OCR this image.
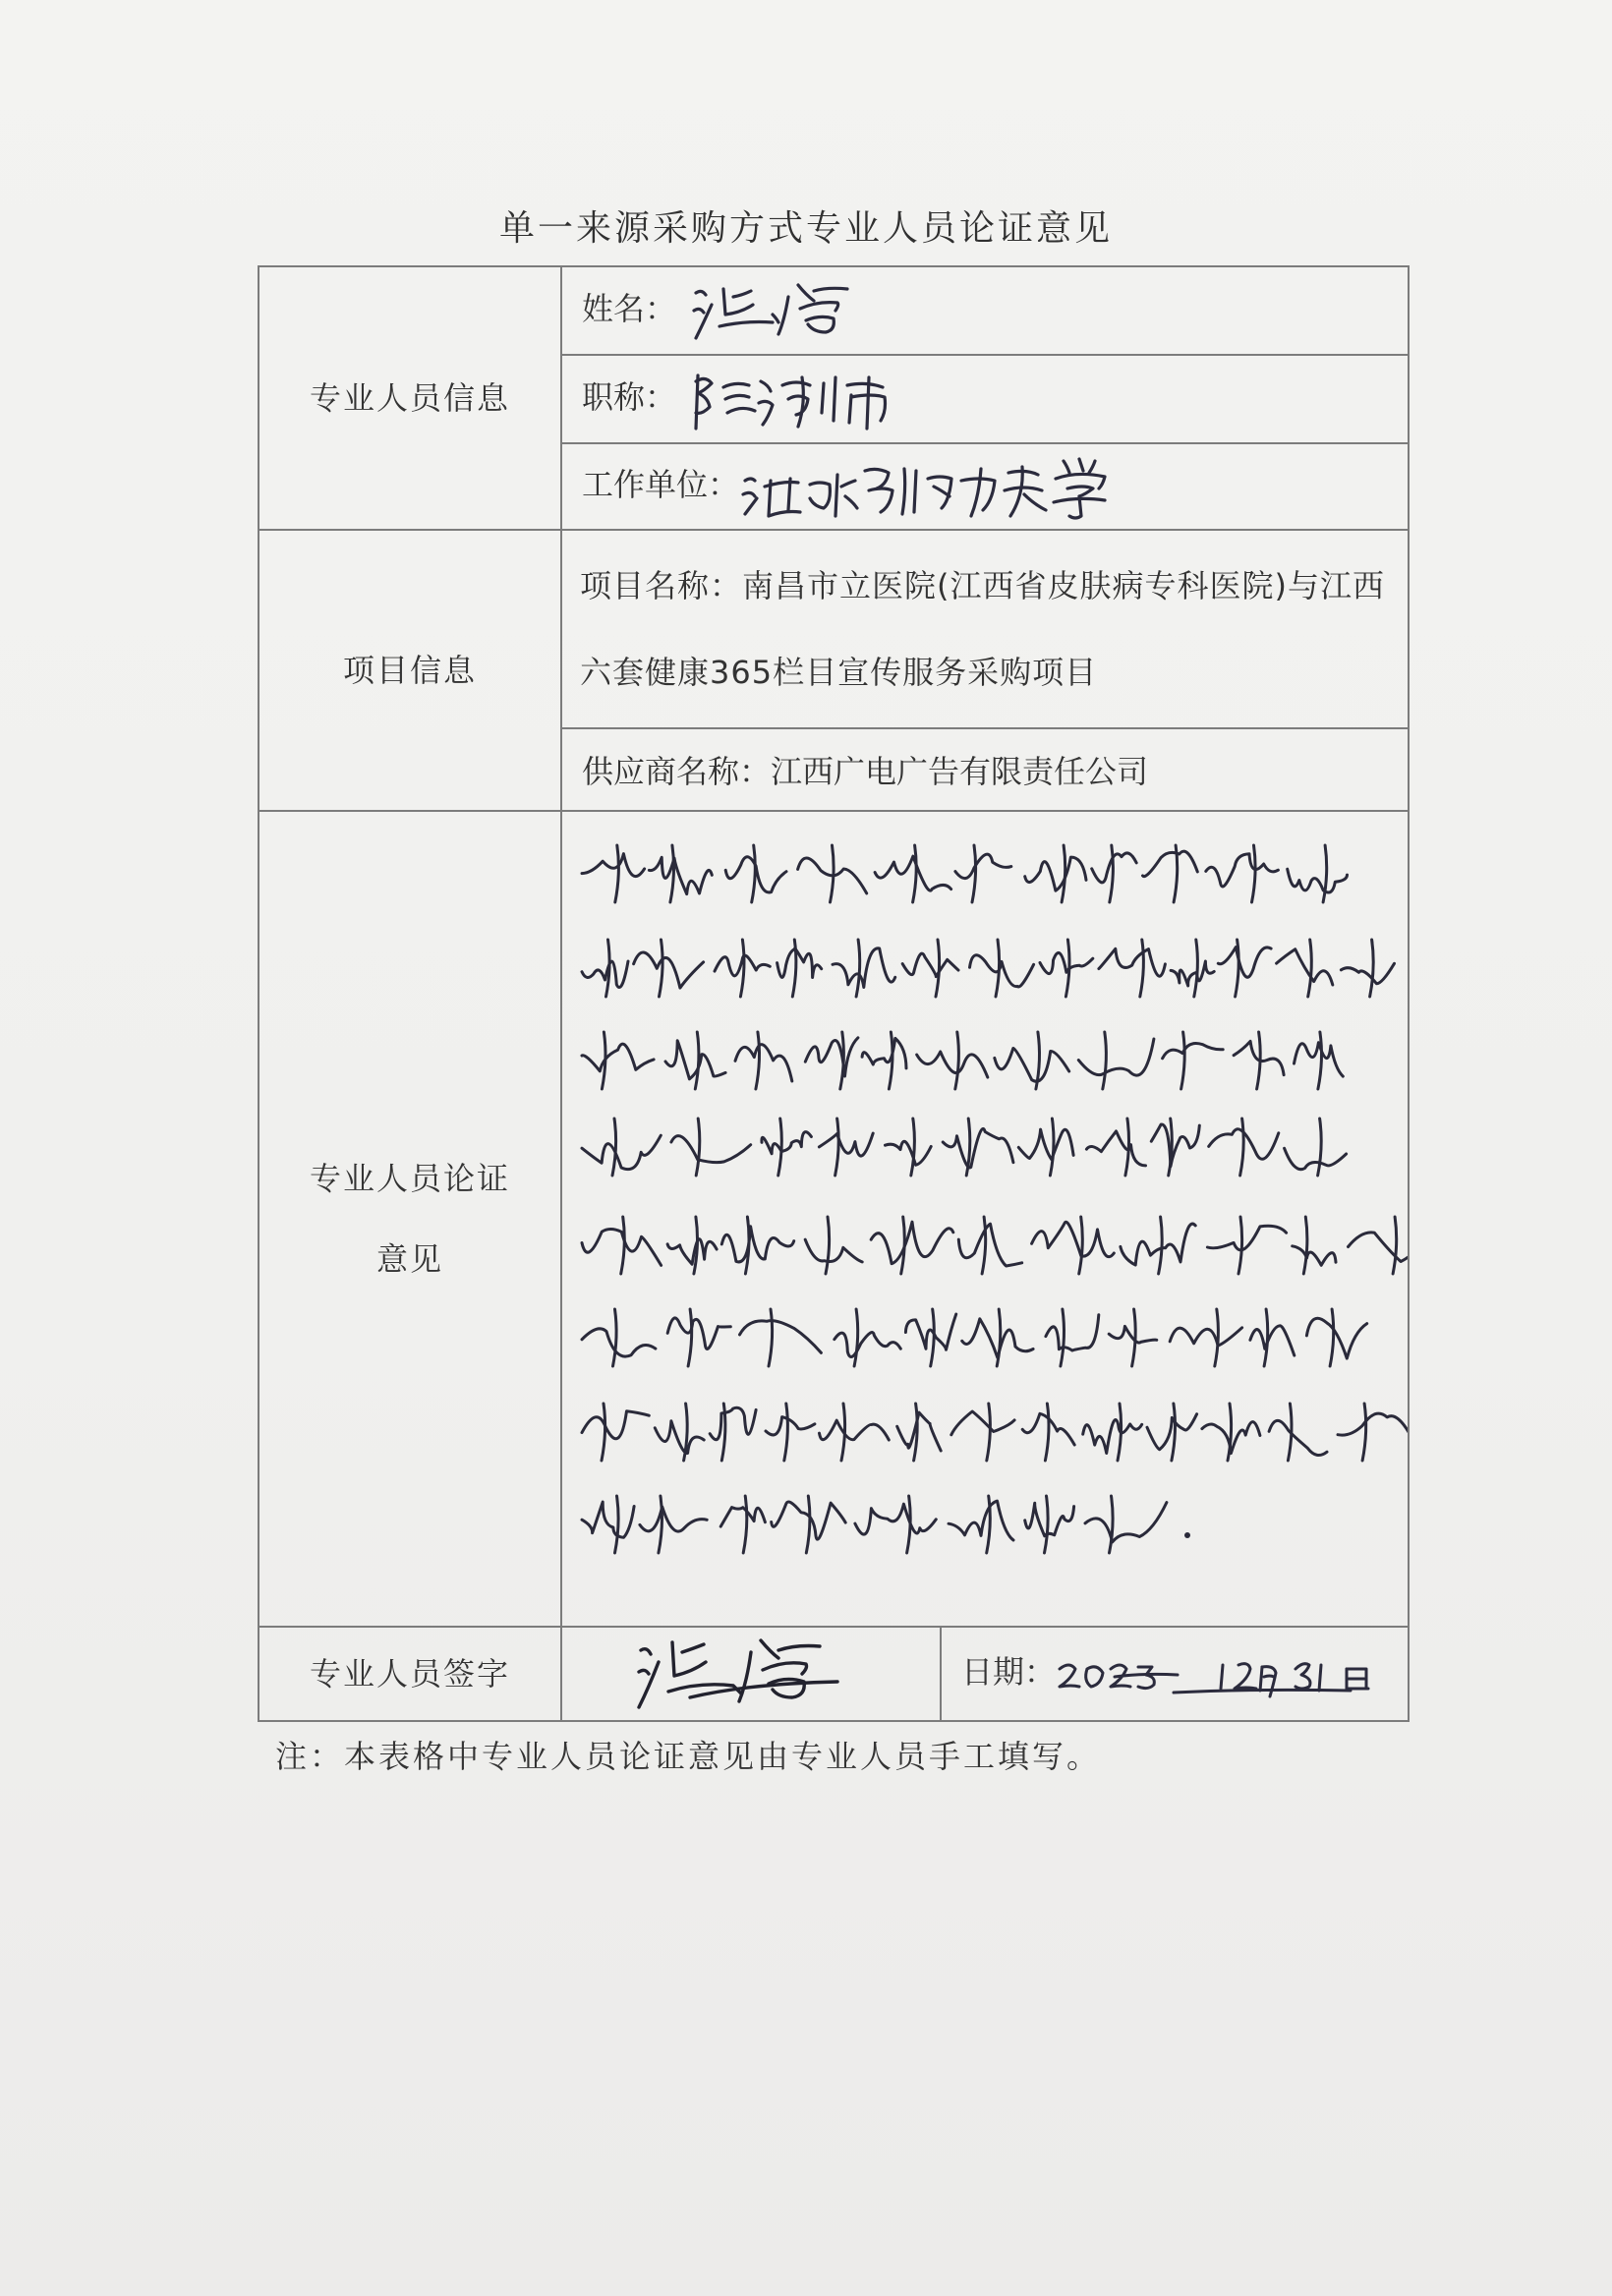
单一来源采购方式专业人员论证意见
专业人员信息	姓名：	

	职称：	

	工作单位：	

项目信息	项目名称：南昌市立医院(江西省皮肤病专科医院)与江西六套健康365栏目宣传服务采购项目	
	供应商名称：江西广电广告有限责任公司	

专业人员论证意见

专业人员签字		日期：
注：本表格中专业人员论证意见由专业人员手工填写。
